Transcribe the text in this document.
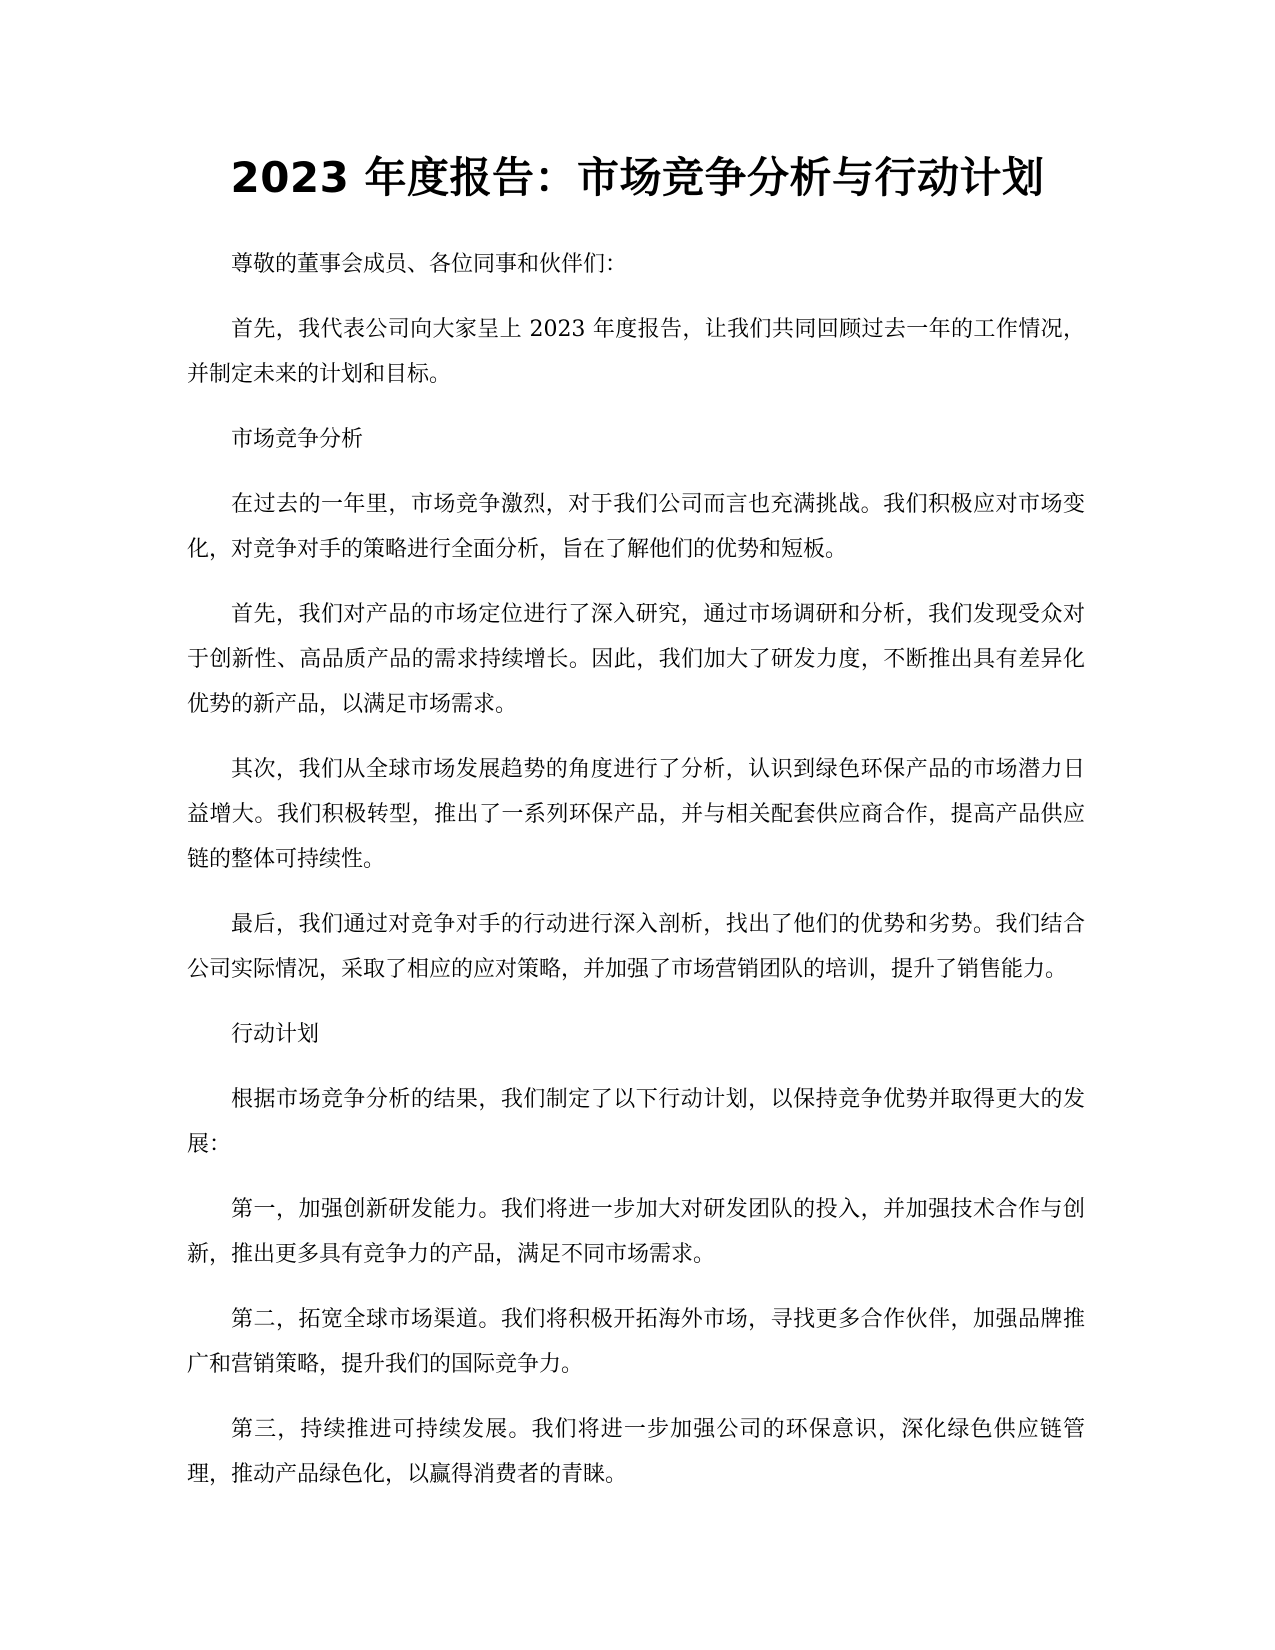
2023 年度报告：市场竞争分析与行动计划

尊敬的董事会成员、各位同事和伙伴们：

首先，我代表公司向大家呈上 2023 年度报告，让我们共同回顾过去一年的工作情况，并制定未来的计划和目标。

市场竞争分析

在过去的一年里，市场竞争激烈，对于我们公司而言也充满挑战。我们积极应对市场变化，对竞争对手的策略进行全面分析，旨在了解他们的优势和短板。

首先，我们对产品的市场定位进行了深入研究，通过市场调研和分析，我们发现受众对于创新性、高品质产品的需求持续增长。因此，我们加大了研发力度，不断推出具有差异化优势的新产品，以满足市场需求。

其次，我们从全球市场发展趋势的角度进行了分析，认识到绿色环保产品的市场潜力日益增大。我们积极转型，推出了一系列环保产品，并与相关配套供应商合作，提高产品供应链的整体可持续性。

最后，我们通过对竞争对手的行动进行深入剖析，找出了他们的优势和劣势。我们结合公司实际情况，采取了相应的应对策略，并加强了市场营销团队的培训，提升了销售能力。

行动计划

根据市场竞争分析的结果，我们制定了以下行动计划，以保持竞争优势并取得更大的发展：

第一，加强创新研发能力。我们将进一步加大对研发团队的投入，并加强技术合作与创新，推出更多具有竞争力的产品，满足不同市场需求。

第二，拓宽全球市场渠道。我们将积极开拓海外市场，寻找更多合作伙伴，加强品牌推广和营销策略，提升我们的国际竞争力。

第三，持续推进可持续发展。我们将进一步加强公司的环保意识，深化绿色供应链管理，推动产品绿色化，以赢得消费者的青睐。
